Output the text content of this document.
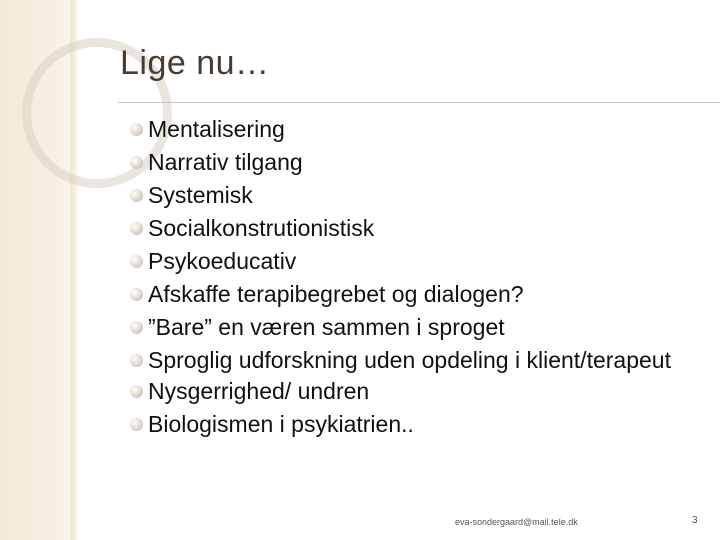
Lige nu…
Mentalisering
Narrativ tilgang
Systemisk
Socialkonstrutionistisk
Psykoeducativ
Afskaffe terapibegrebet og dialogen?
”Bare” en væren sammen i sproget
Sproglig udforskning uden opdeling i klient/terapeut
Nysgerrighed/ undren
Biologismen i psykiatrien..
eva-sondergaard@mail.tele.dk	3
